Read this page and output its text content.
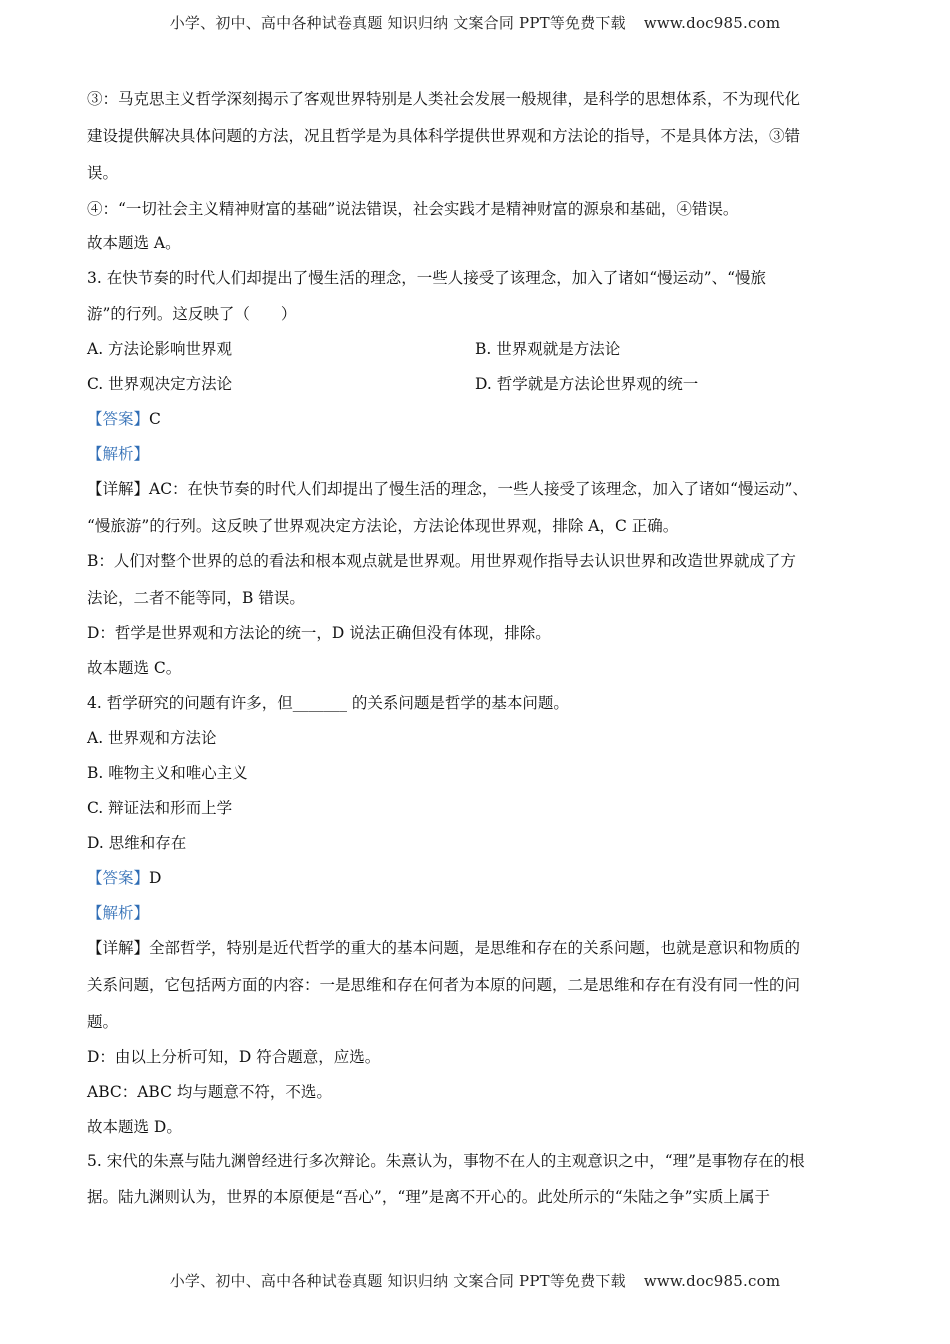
小学、初中、高中各种试卷真题 知识归纳 文案合同 PPT等免费下载 www.doc985.com
③：马克思主义哲学深刻揭示了客观世界特别是人类社会发展一般规律，是科学的思想体系，不为现代化
建设提供解决具体问题的方法，况且哲学是为具体科学提供世界观和方法论的指导，不是具体方法，③错
误。
④：“一切社会主义精神财富的基础”说法错误，社会实践才是精神财富的源泉和基础，④错误。
故本题选 A。
3. 在快节奏的时代人们却提出了慢生活的理念，一些人接受了该理念，加入了诸如“慢运动”、“慢旅
游”的行列。这反映了（　　）
A. 方法论影响世界观	B. 世界观就是方法论
C. 世界观决定方法论	D. 哲学就是方法论世界观的统一
【答案】C
【解析】
【详解】AC：在快节奏的时代人们却提出了慢生活的理念，一些人接受了该理念，加入了诸如“慢运动”、
“慢旅游”的行列。这反映了世界观决定方法论，方法论体现世界观，排除 A，C 正确。
B：人们对整个世界的总的看法和根本观点就是世界观。用世界观作指导去认识世界和改造世界就成了方
法论，二者不能等同，B 错误。
D：哲学是世界观和方法论的统一，D 说法正确但没有体现，排除。
故本题选 C。
4. 哲学研究的问题有许多，但_______ 的关系问题是哲学的基本问题。
A. 世界观和方法论
B. 唯物主义和唯心主义
C. 辩证法和形而上学
D. 思维和存在
【答案】D
【解析】
【详解】全部哲学，特别是近代哲学的重大的基本问题，是思维和存在的关系问题，也就是意识和物质的
关系问题，它包括两方面的内容：一是思维和存在何者为本原的问题，二是思维和存在有没有同一性的问
题。
D：由以上分析可知，D 符合题意，应选。
ABC：ABC 均与题意不符，不选。
故本题选 D。
5. 宋代的朱熹与陆九渊曾经进行多次辩论。朱熹认为，事物不在人的主观意识之中，“理”是事物存在的根
据。陆九渊则认为，世界的本原便是“吾心”，“理”是离不开心的。此处所示的“朱陆之争”实质上属于
小学、初中、高中各种试卷真题 知识归纳 文案合同 PPT等免费下载 www.doc985.com
